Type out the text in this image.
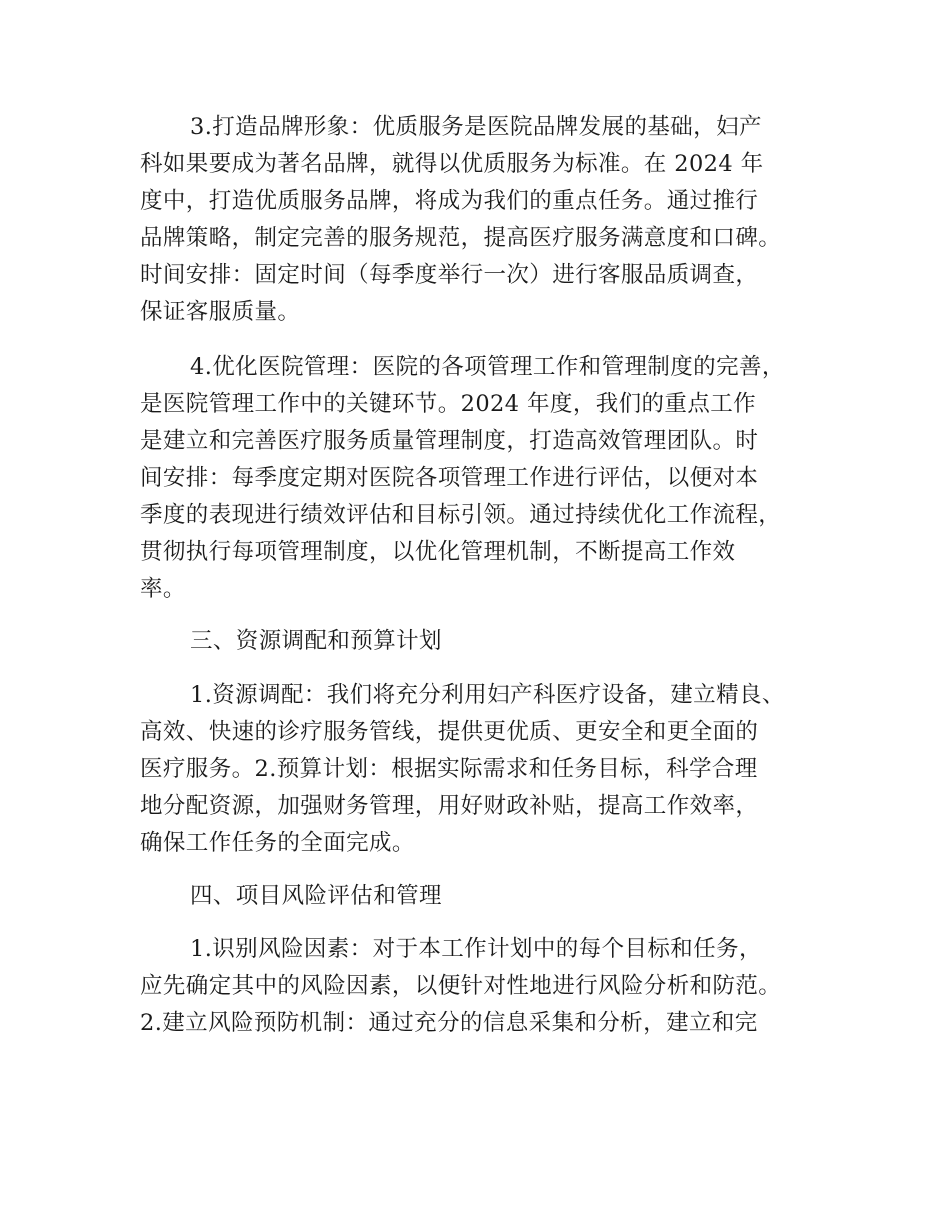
3.打造品牌形象：优质服务是医院品牌发展的基础，妇产
科如果要成为著名品牌，就得以优质服务为标准。在 2024 年
度中，打造优质服务品牌，将成为我们的重点任务。通过推行
品牌策略，制定完善的服务规范，提高医疗服务满意度和口碑。
时间安排：固定时间（每季度举行一次）进行客服品质调查，
保证客服质量。
4.优化医院管理：医院的各项管理工作和管理制度的完善，
是医院管理工作中的关键环节。2024 年度，我们的重点工作
是建立和完善医疗服务质量管理制度，打造高效管理团队。时
间安排：每季度定期对医院各项管理工作进行评估，以便对本
季度的表现进行绩效评估和目标引领。通过持续优化工作流程，
贯彻执行每项管理制度，以优化管理机制，不断提高工作效
率。
三、资源调配和预算计划
1.资源调配：我们将充分利用妇产科医疗设备，建立精良、
高效、快速的诊疗服务管线，提供更优质、更安全和更全面的
医疗服务。2.预算计划：根据实际需求和任务目标，科学合理
地分配资源，加强财务管理，用好财政补贴，提高工作效率，
确保工作任务的全面完成。
四、项目风险评估和管理
1.识别风险因素：对于本工作计划中的每个目标和任务，
应先确定其中的风险因素，以便针对性地进行风险分析和防范。
2.建立风险预防机制：通过充分的信息采集和分析，建立和完
